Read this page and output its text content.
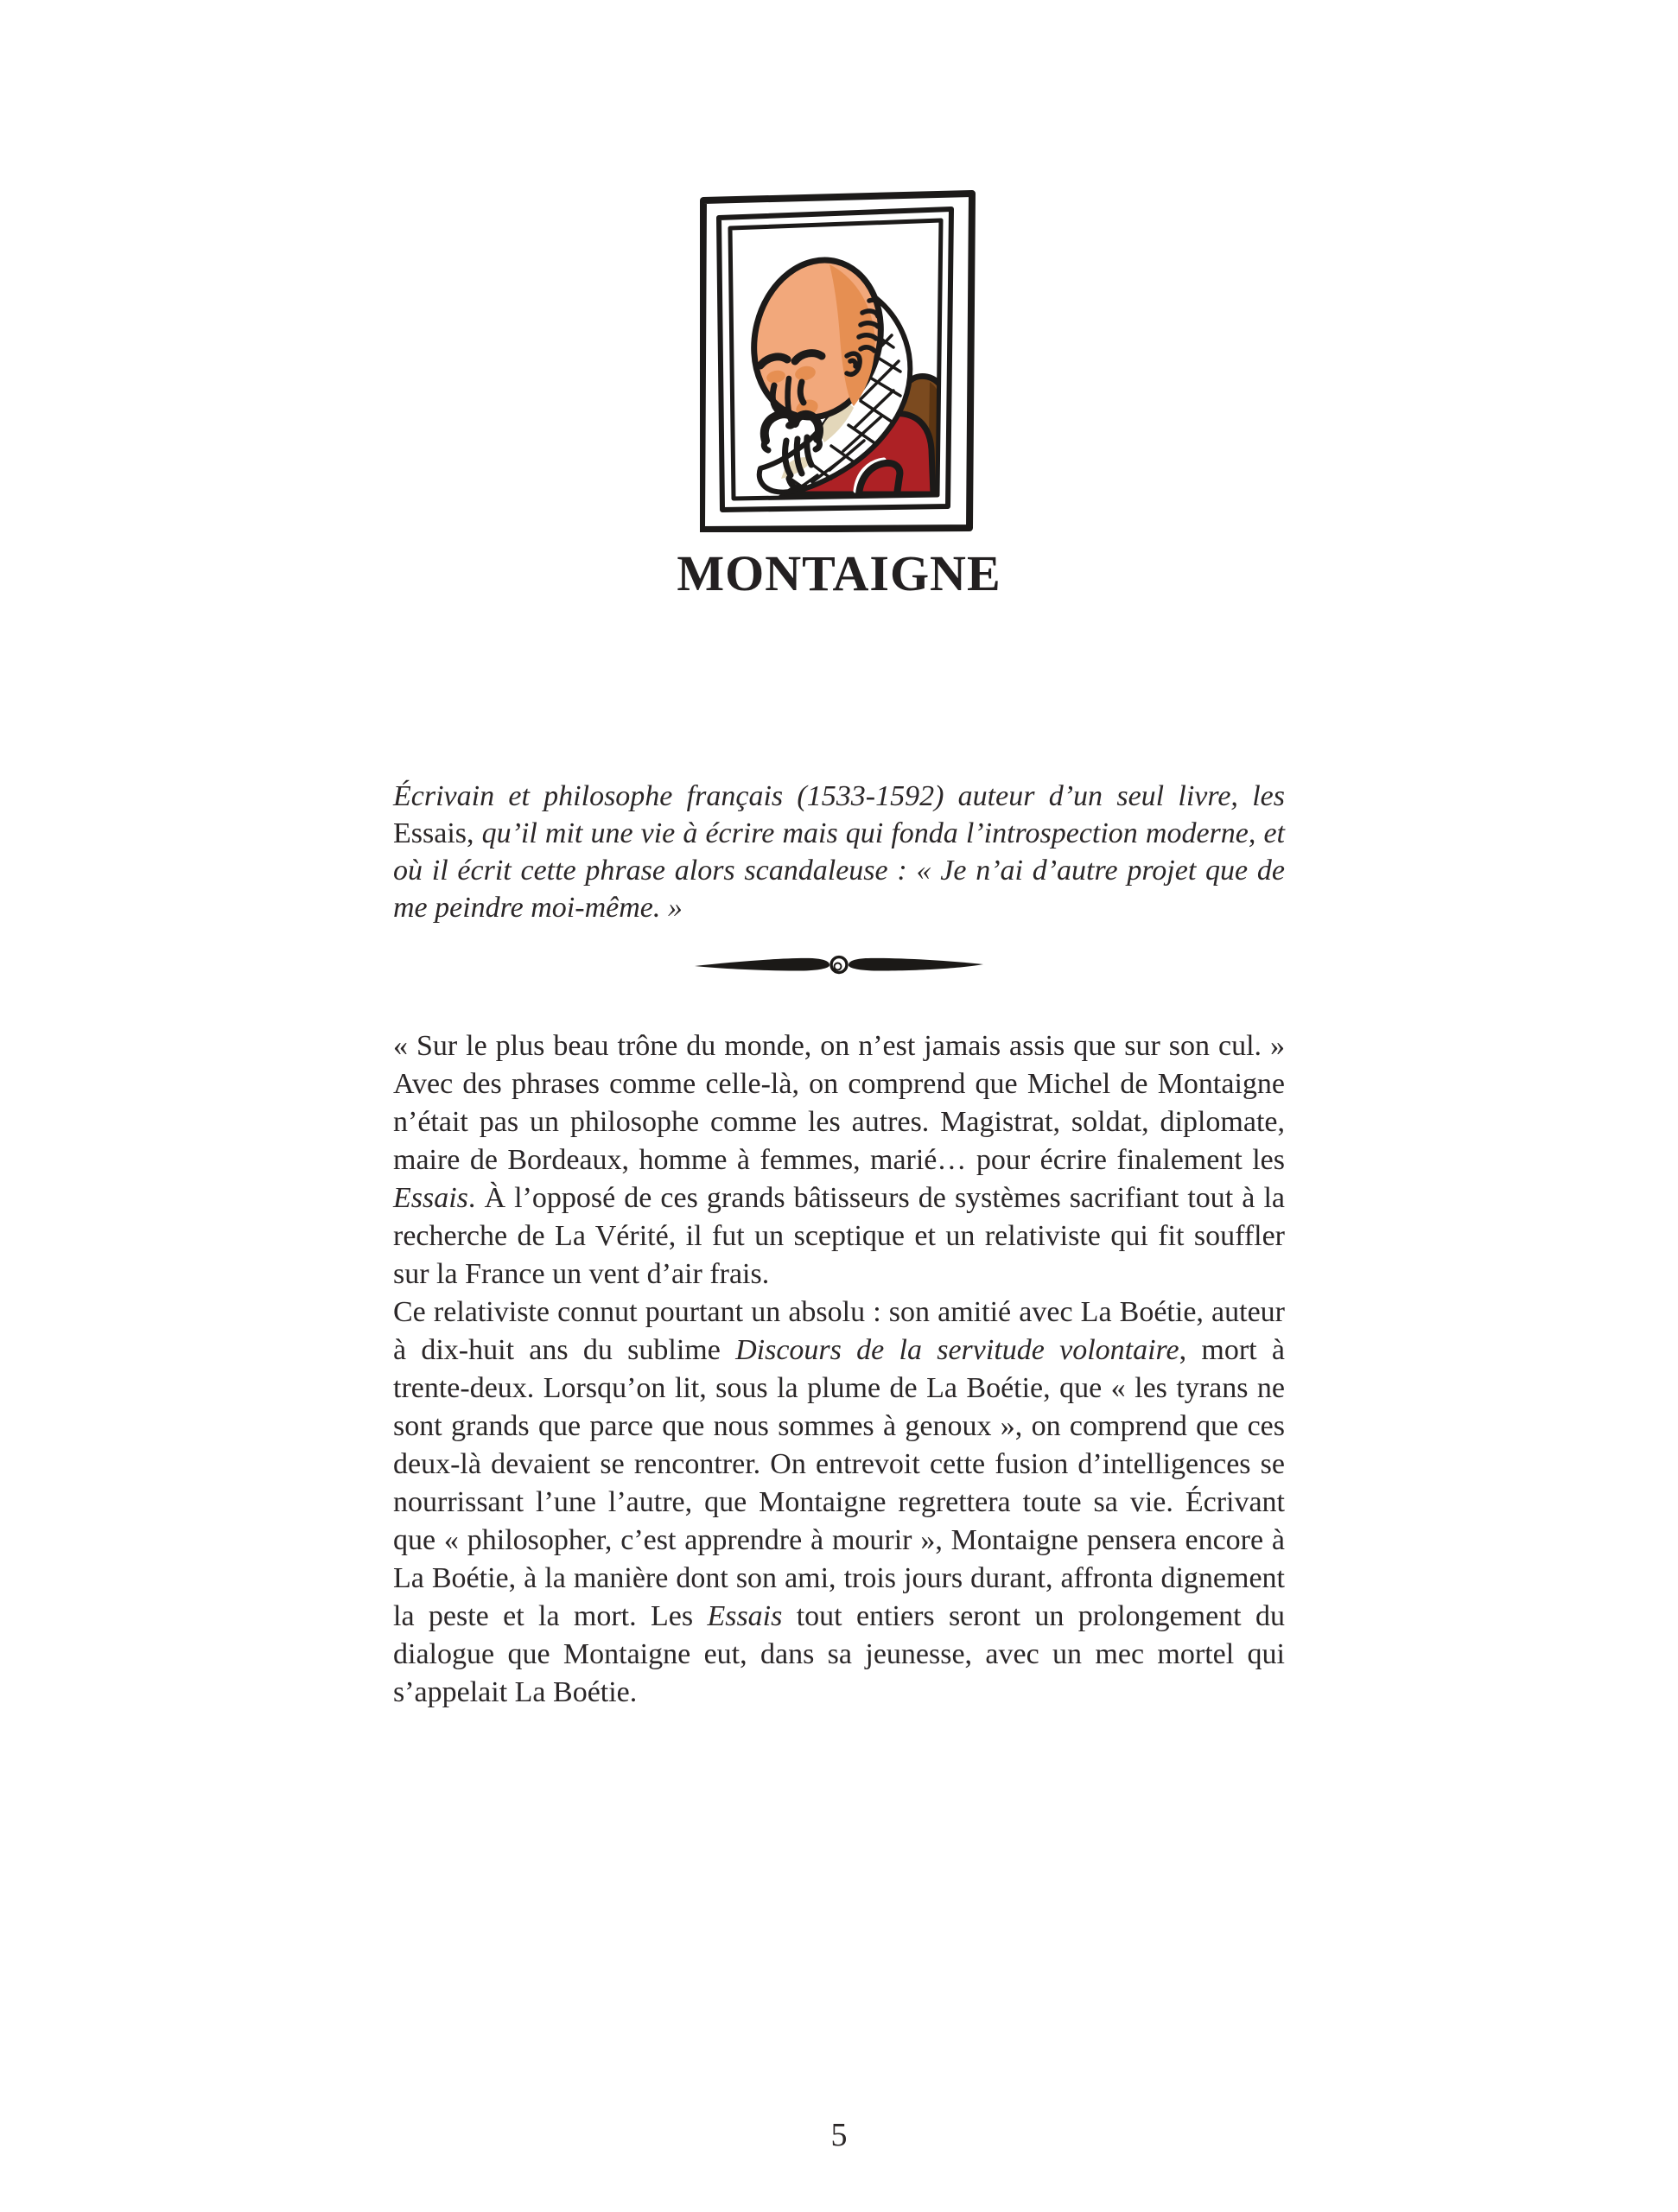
MONTAIGNE

Écrivain et philosophe français (1533-1592) auteur d’un seul livre, les Essais, qu’il mit une vie à écrire mais qui fonda l’introspection moderne, et où il écrit cette phrase alors scandaleuse : « Je n’ai d’autre projet que de me peindre moi-même. »

« Sur le plus beau trône du monde, on n’est jamais assis que sur son cul. » Avec des phrases comme celle-là, on comprend que Michel de Montaigne n’était pas un philosophe comme les autres. Magistrat, soldat, diplomate, maire de Bordeaux, homme à femmes, marié… pour écrire finalement les Essais. À l’opposé de ces grands bâtisseurs de systèmes sacrifiant tout à la recherche de La Vérité, il fut un sceptique et un relativiste qui fit souffler sur la France un vent d’air frais.

Ce relativiste connut pourtant un absolu : son amitié avec La Boétie, auteur à dix-huit ans du sublime Discours de la servitude volontaire, mort à trente-deux. Lorsqu’on lit, sous la plume de La Boétie, que « les tyrans ne sont grands que parce que nous sommes à genoux », on comprend que ces deux-là devaient se rencontrer. On entrevoit cette fusion d’intelligences se nourrissant l’une l’autre, que Montaigne regrettera toute sa vie. Écrivant que « philosopher, c’est apprendre à mourir », Montaigne pensera encore à La Boétie, à la manière dont son ami, trois jours durant, affronta dignement la peste et la mort. Les Essais tout entiers seront un prolongement du dialogue que Montaigne eut, dans sa jeunesse, avec un mec mortel qui s’appelait La Boétie.

5
